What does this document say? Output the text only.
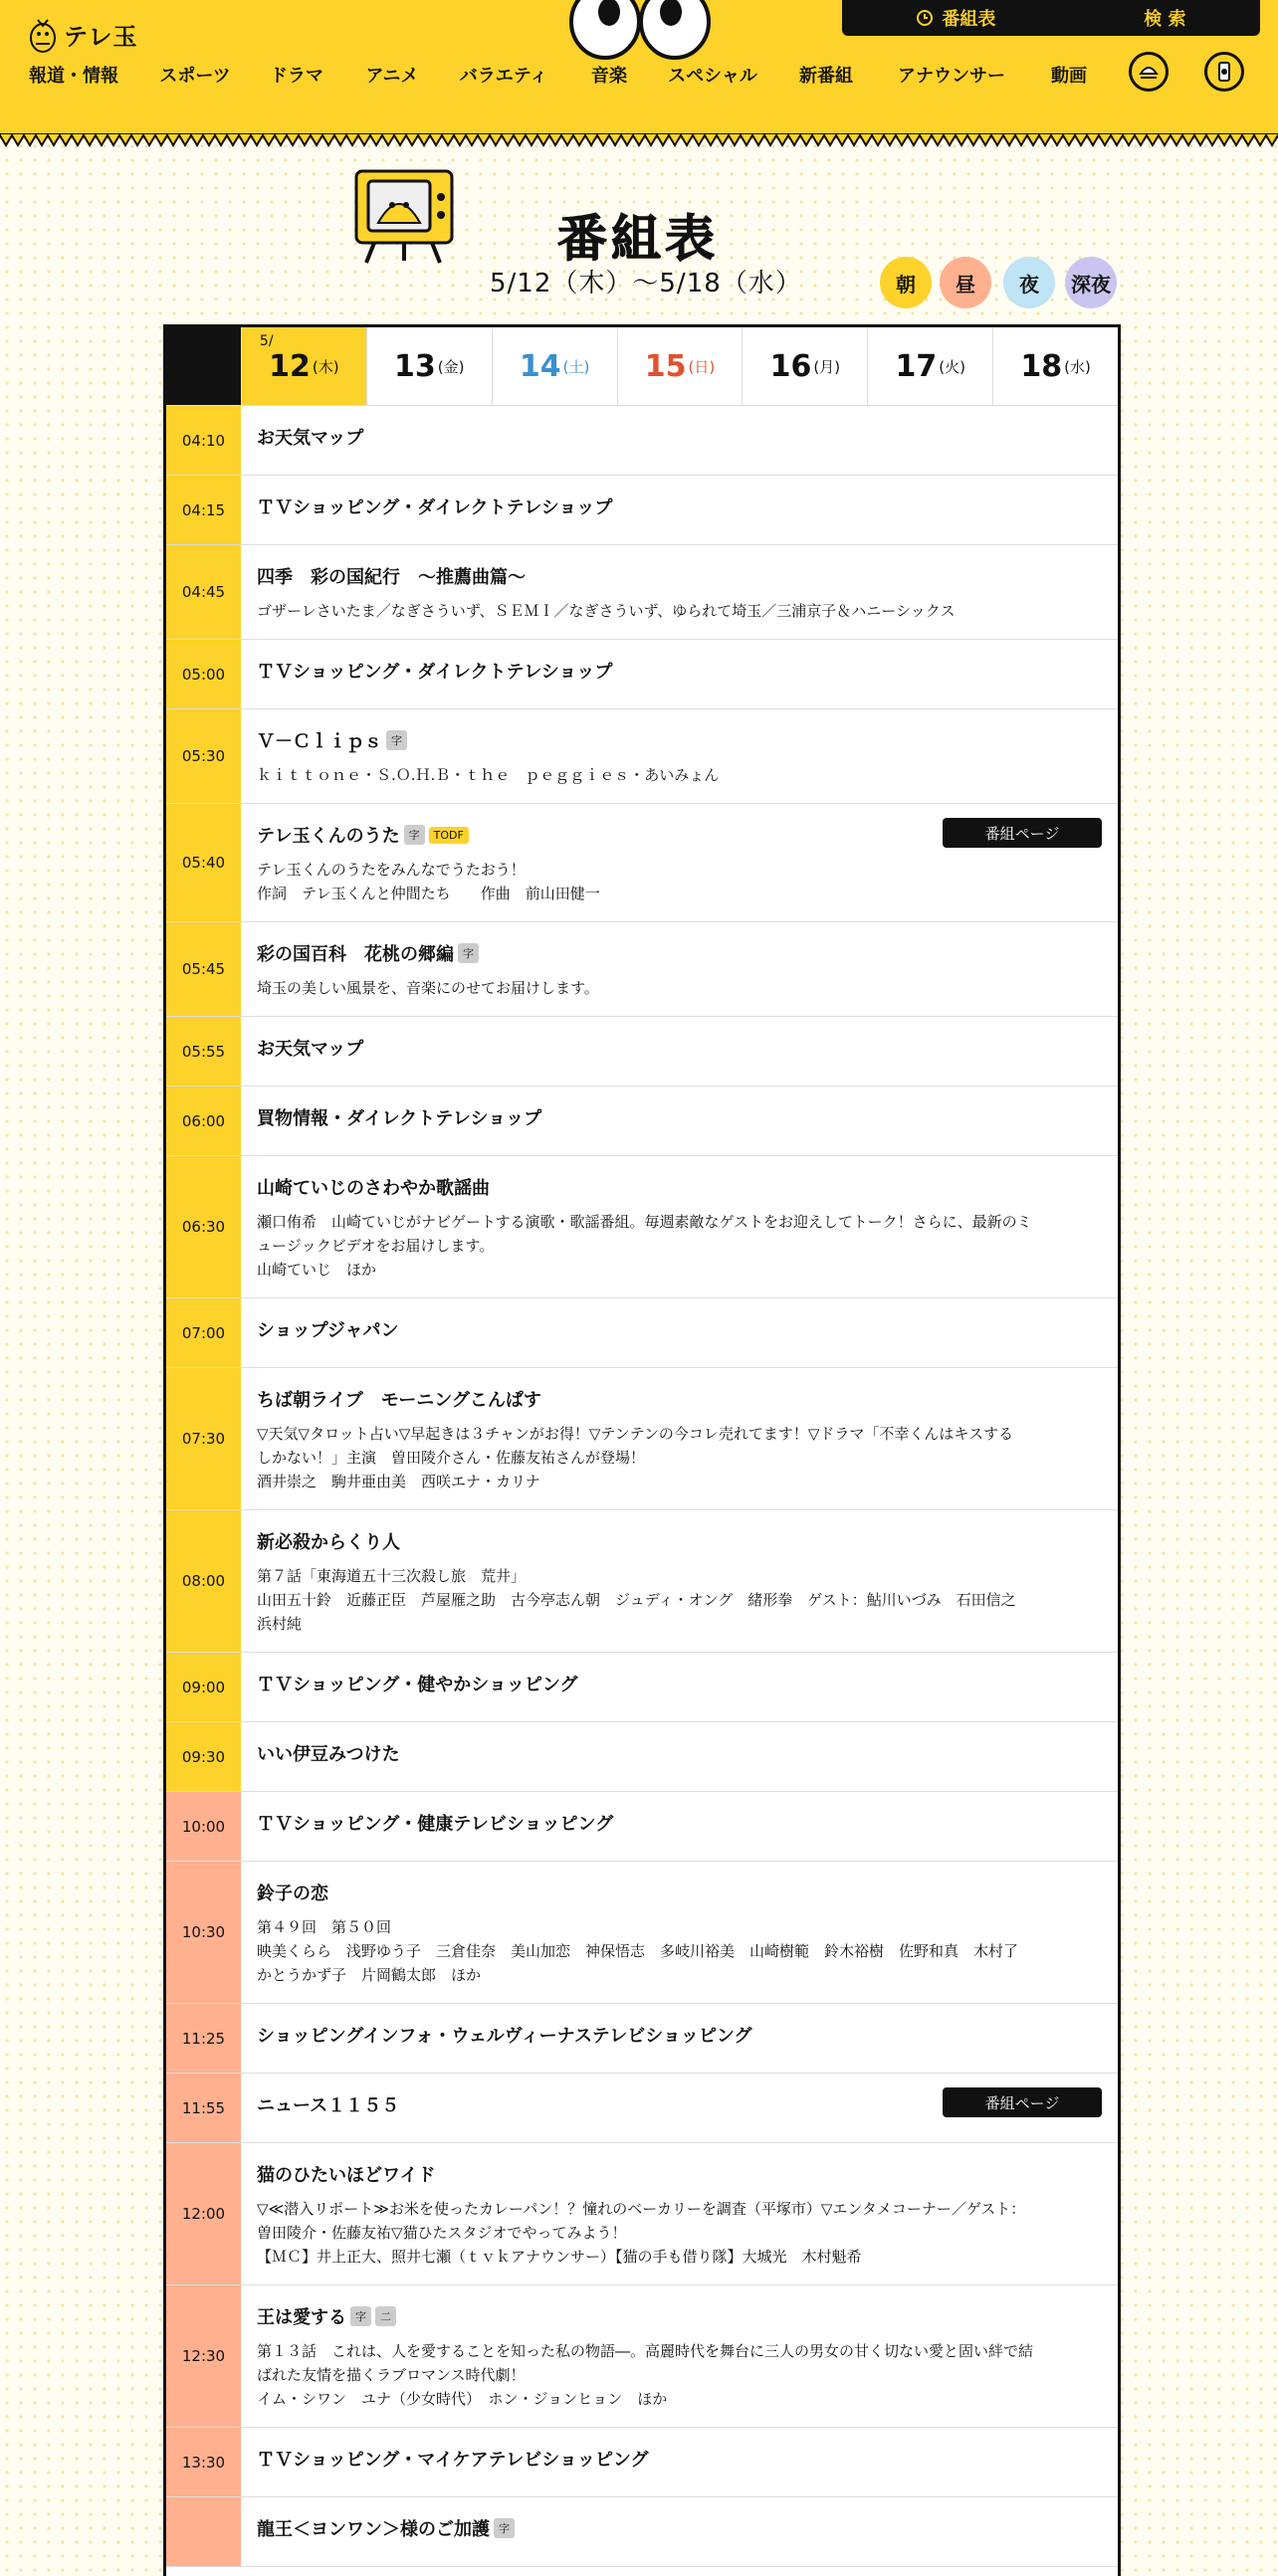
テレ玉
番組表	検 索
報道・情報 スポーツ ドラマ アニメ バラエティ 音楽 スペシャル 新番組	アナウンサー	動画
番組表
5/12（木）〜5/18（水）	朝	昼	夜	深夜
5/
12 (木) 13 (金) 14 (土) 15 (日) 16 (月) 17 (火) 18 (水)
04:10	お天気マップ
04:15	ＴＶショッピング・ダイレクトテレショップ
04:45
四季　彩の国紀行　～推薦曲篇～
ゴザーレさいたま／なぎさういず、ＳＥＭＩ／なぎさういず、ゆられて埼玉／三浦京子＆ハニーシックス
05:00	ＴＶショッピング・ダイレクトテレショップ
05:30
Ｖ－Ｃｌｉｐｓ 字
ｋｉｔｔｏｎｅ・Ｓ.Ｏ.Ｈ.Ｂ・ｔｈｅ　ｐｅｇｇｉｅｓ・あいみょん
05:40
テレ玉くんのうた 字	TODF
テレ玉くんのうたをみんなでうたおう！
作詞　テレ玉くんと仲間たち　　作曲　前山田健一
番組ページ
05:45
彩の国百科　花桃の郷編 字
埼玉の美しい風景を、音楽にのせてお届けします。
05:55	お天気マップ
06:00	買物情報・ダイレクトテレショップ
06:30
山崎ていじのさわやか歌謡曲
瀬口侑希　山崎ていじがナビゲートする演歌・歌謡番組。毎週素敵なゲストをお迎えしてトーク！さらに、最新のミ
ュージックビデオをお届けします。
山崎ていじ　ほか
07:00	ショップジャパン
07:30
ちば朝ライブ　モーニングこんぱす
▽天気▽タロット占い▽早起きは３チャンがお得！▽テンテンの今コレ売れてます！▽ドラマ「不幸くんはキスする
しかない！」主演　曽田陵介さん・佐藤友祐さんが登場！
酒井崇之　駒井亜由美　西咲エナ・カリナ
08:00
新必殺からくり人
第７話「東海道五十三次殺し旅　荒井」
山田五十鈴　近藤正臣　芦屋雁之助　古今亭志ん朝　ジュディ・オング　緒形拳　ゲスト：鮎川いづみ　石田信之
浜村純
09:00	ＴＶショッピング・健やかショッピング
09:30	いい伊豆みつけた
10:00	ＴＶショッピング・健康テレビショッピング
10:30
鈴子の恋
第４９回　第５０回
映美くらら　浅野ゆう子　三倉佳奈　美山加恋　神保悟志　多岐川裕美　山崎樹範　鈴木裕樹　佐野和真　木村了
かとうかず子　片岡鶴太郎　ほか
11:25	ショッピングインフォ・ウェルヴィーナステレビショッピング
11:55	ニュース１１５５	番組ページ
12:00
猫のひたいほどワイド
▽≪潜入リポート≫お米を使ったカレーパン！？憧れのベーカリーを調査（平塚市）▽エンタメコーナー／ゲスト：
曽田陵介・佐藤友祐▽猫ひたスタジオでやってみよう！
【ＭＣ】井上正大、照井七瀬（ｔｖｋアナウンサー）【猫の手も借り隊】大城光　木村魁希
12:30
王は愛する 字	二
第１３話　これは、人を愛することを知った私の物語―。高麗時代を舞台に三人の男女の甘く切ない愛と固い絆で結
ばれた友情を描くラブロマンス時代劇！
イム・シワン　ユナ（少女時代）　ホン・ジョンヒョン　ほか
13:30	ＴＶショッピング・マイケアテレビショッピング
龍王＜ヨンワン＞様のご加護 字
